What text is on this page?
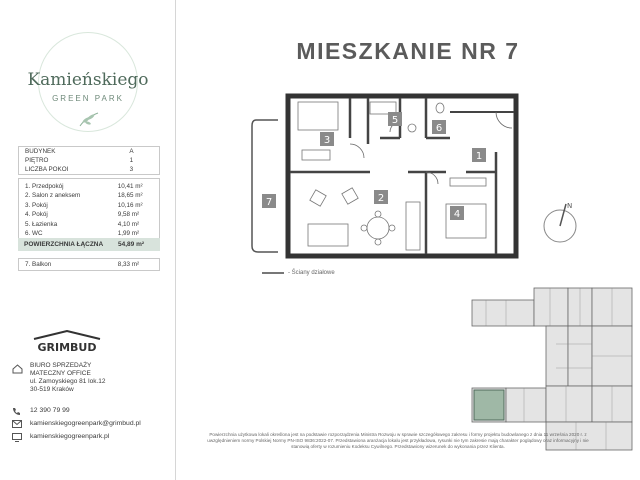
Kamieńskiego
GREEN PARK
BUDYNEK	A
PIĘTRO	1
LICZBA POKOI	3
1. Przedpokój	10,41 m²
2. Salon z aneksem	18,65 m²
3. Pokój	10,16 m²
4. Pokój	9,58 m²
5. Łazienka	4,10 m²
6. WC	1,99 m²
POWIERZCHNIA ŁĄCZNA	54,89 m²
7. Balkon	8,33 m²
GRIMBUD
BIURO SPRZEDAŻY
MATECZNY OFFICE
ul. Zamoyskiego 81 lok.12
30-519 Kraków
12 390 79 99
kamienskiegogreenpark@grimbud.pl
kamienskiegogreenpark.pl
MIESZKANIE NR 7
1
2
3
4
5
6
7
- Ściany działowe
N
Powierzchnia użytkowa lokali określona jest na podstawie rozporządzenia Ministra Rozwoju w sprawie szczegółowego zakresu i formy projektu budowlanego z dnia 11 września 2020 r. z uwzględnieniem normy Polskiej Normy PN-ISO 9836:2022-07. Przedstawiona aranżacja lokalu jest przykładowa, rysunki nie tym zakresie mają charakter poglądowy oraz informacyjny i nie stanowią oferty w rozumieniu Kodeksu Cywilnego. Przedstawiony wizerunek do wykonania przez Klienta.
